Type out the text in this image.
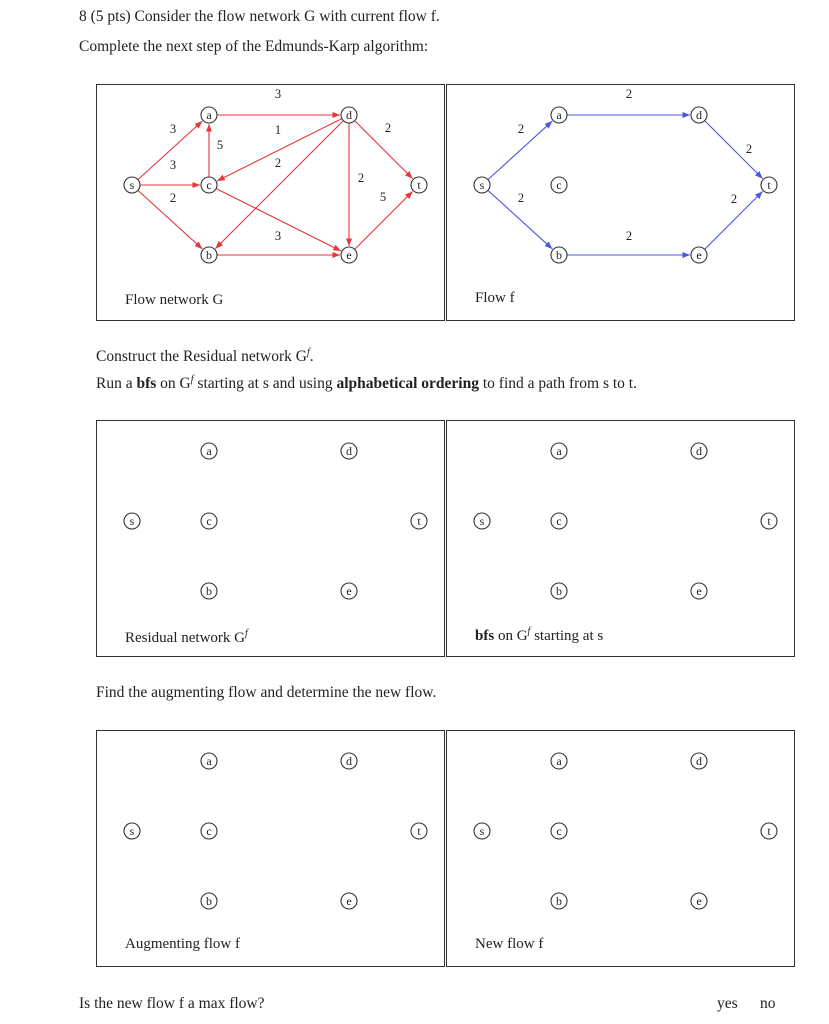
8 (5 pts) Consider the flow network G with current flow f.
Complete the next step of the Edmunds-Karp algorithm:
3
3
2
5
3
1
2
2
2
3
5
s
a
b
c
d
e
t
Flow network G
2
2
2
2
2
2
s
a
b
c
d
e
t
Flow f
Construct the Residual network $G^f$.
Run a bfs on $G^f$ starting at s and using alphabetical ordering to find a path from s to t.
s
a
b
c
d
e
t
Residual network $G^f$
s
a
b
c
d
e
t
bfs on $G^f$ starting at s
Find the augmenting flow and determine the new flow.
s
a
b
c
d
e
t
Augmenting flow f
s
a
b
c
d
e
t
New flow f
Is the new flow f a max flow?	yes no
